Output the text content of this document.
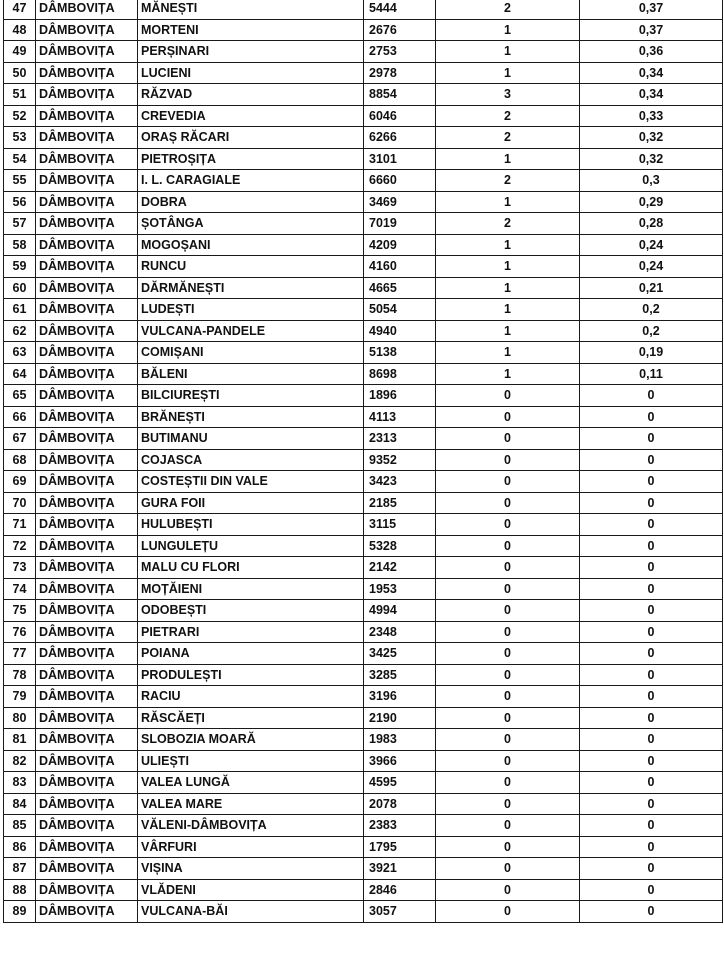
47	DÂMBOVIȚA	MĂNEȘTI	5444	2	0,37
48	DÂMBOVIȚA	MORTENI	2676	1	0,37
49	DÂMBOVIȚA	PERȘINARI	2753	1	0,36
50	DÂMBOVIȚA	LUCIENI	2978	1	0,34
51	DÂMBOVIȚA	RĂZVAD	8854	3	0,34
52	DÂMBOVIȚA	CREVEDIA	6046	2	0,33
53	DÂMBOVIȚA	ORAȘ RĂCARI	6266	2	0,32
54	DÂMBOVIȚA	PIETROȘIȚA	3101	1	0,32
55	DÂMBOVIȚA	I. L. CARAGIALE	6660	2	0,3
56	DÂMBOVIȚA	DOBRA	3469	1	0,29
57	DÂMBOVIȚA	ȘOTÂNGA	7019	2	0,28
58	DÂMBOVIȚA	MOGOȘANI	4209	1	0,24
59	DÂMBOVIȚA	RUNCU	4160	1	0,24
60	DÂMBOVIȚA	DĂRMĂNEȘTI	4665	1	0,21
61	DÂMBOVIȚA	LUDEȘTI	5054	1	0,2
62	DÂMBOVIȚA	VULCANA-PANDELE	4940	1	0,2
63	DÂMBOVIȚA	COMIȘANI	5138	1	0,19
64	DÂMBOVIȚA	BĂLENI	8698	1	0,11
65	DÂMBOVIȚA	BILCIUREȘTI	1896	0	0
66	DÂMBOVIȚA	BRĂNEȘTI	4113	0	0
67	DÂMBOVIȚA	BUTIMANU	2313	0	0
68	DÂMBOVIȚA	COJASCA	9352	0	0
69	DÂMBOVIȚA	COSTEȘTII DIN VALE	3423	0	0
70	DÂMBOVIȚA	GURA FOII	2185	0	0
71	DÂMBOVIȚA	HULUBEȘTI	3115	0	0
72	DÂMBOVIȚA	LUNGULEȚU	5328	0	0
73	DÂMBOVIȚA	MALU CU FLORI	2142	0	0
74	DÂMBOVIȚA	MOȚĂIENI	1953	0	0
75	DÂMBOVIȚA	ODOBEȘTI	4994	0	0
76	DÂMBOVIȚA	PIETRARI	2348	0	0
77	DÂMBOVIȚA	POIANA	3425	0	0
78	DÂMBOVIȚA	PRODULEȘTI	3285	0	0
79	DÂMBOVIȚA	RACIU	3196	0	0
80	DÂMBOVIȚA	RĂSCĂEȚI	2190	0	0
81	DÂMBOVIȚA	SLOBOZIA MOARĂ	1983	0	0
82	DÂMBOVIȚA	ULIEȘTI	3966	0	0
83	DÂMBOVIȚA	VALEA LUNGĂ	4595	0	0
84	DÂMBOVIȚA	VALEA MARE	2078	0	0
85	DÂMBOVIȚA	VĂLENI-DÂMBOVIȚA	2383	0	0
86	DÂMBOVIȚA	VÂRFURI	1795	0	0
87	DÂMBOVIȚA	VIȘINA	3921	0	0
88	DÂMBOVIȚA	VLĂDENI	2846	0	0
89	DÂMBOVIȚA	VULCANA-BĂI	3057	0	0
